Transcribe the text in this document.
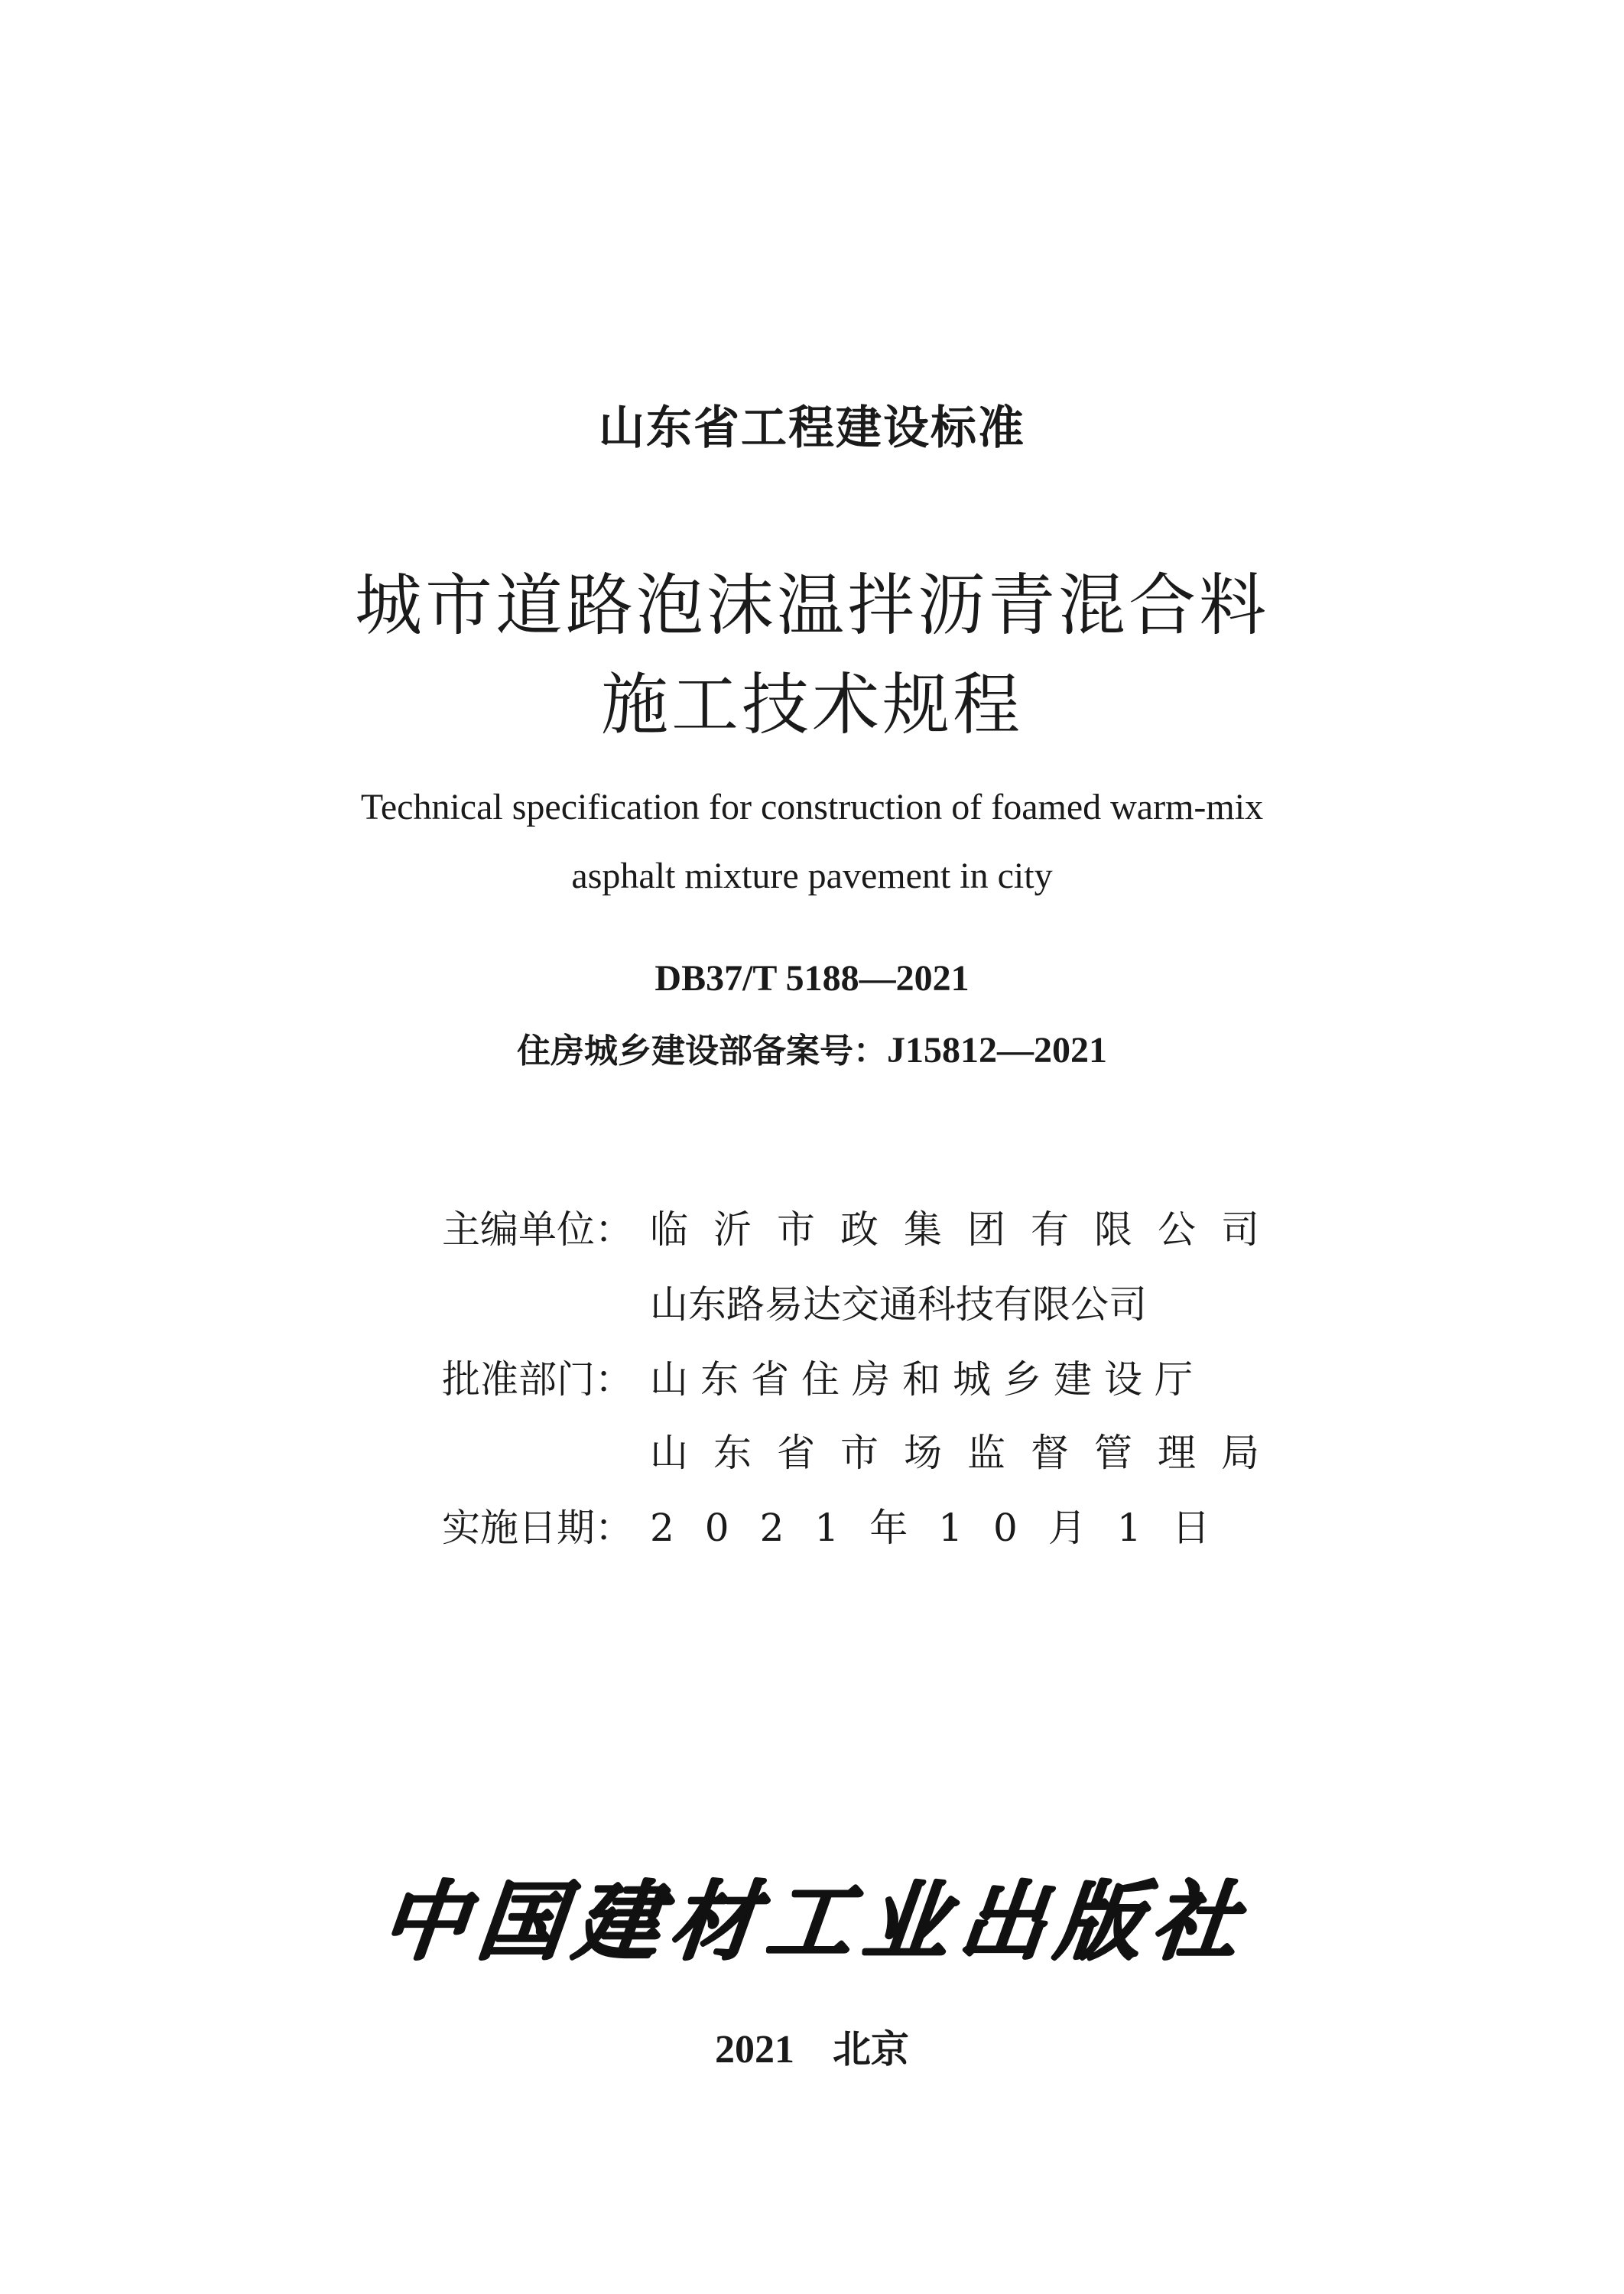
山东省工程建设标准
城市道路泡沫温拌沥青混合料
施工技术规程
Technical specification for construction of foamed warm-mix
asphalt mixture pavement in city
DB37/T 5188—2021
住房城乡建设部备案号：J15812—2021
主编单位： 临沂市政集团有限公司
山东路易达交通科技有限公司
批准部门： 山东省住房和城乡建设厅
山东省市场监督管理局
实施日期： 2021年10月1日
中国建材工业出版社
2021 北京
